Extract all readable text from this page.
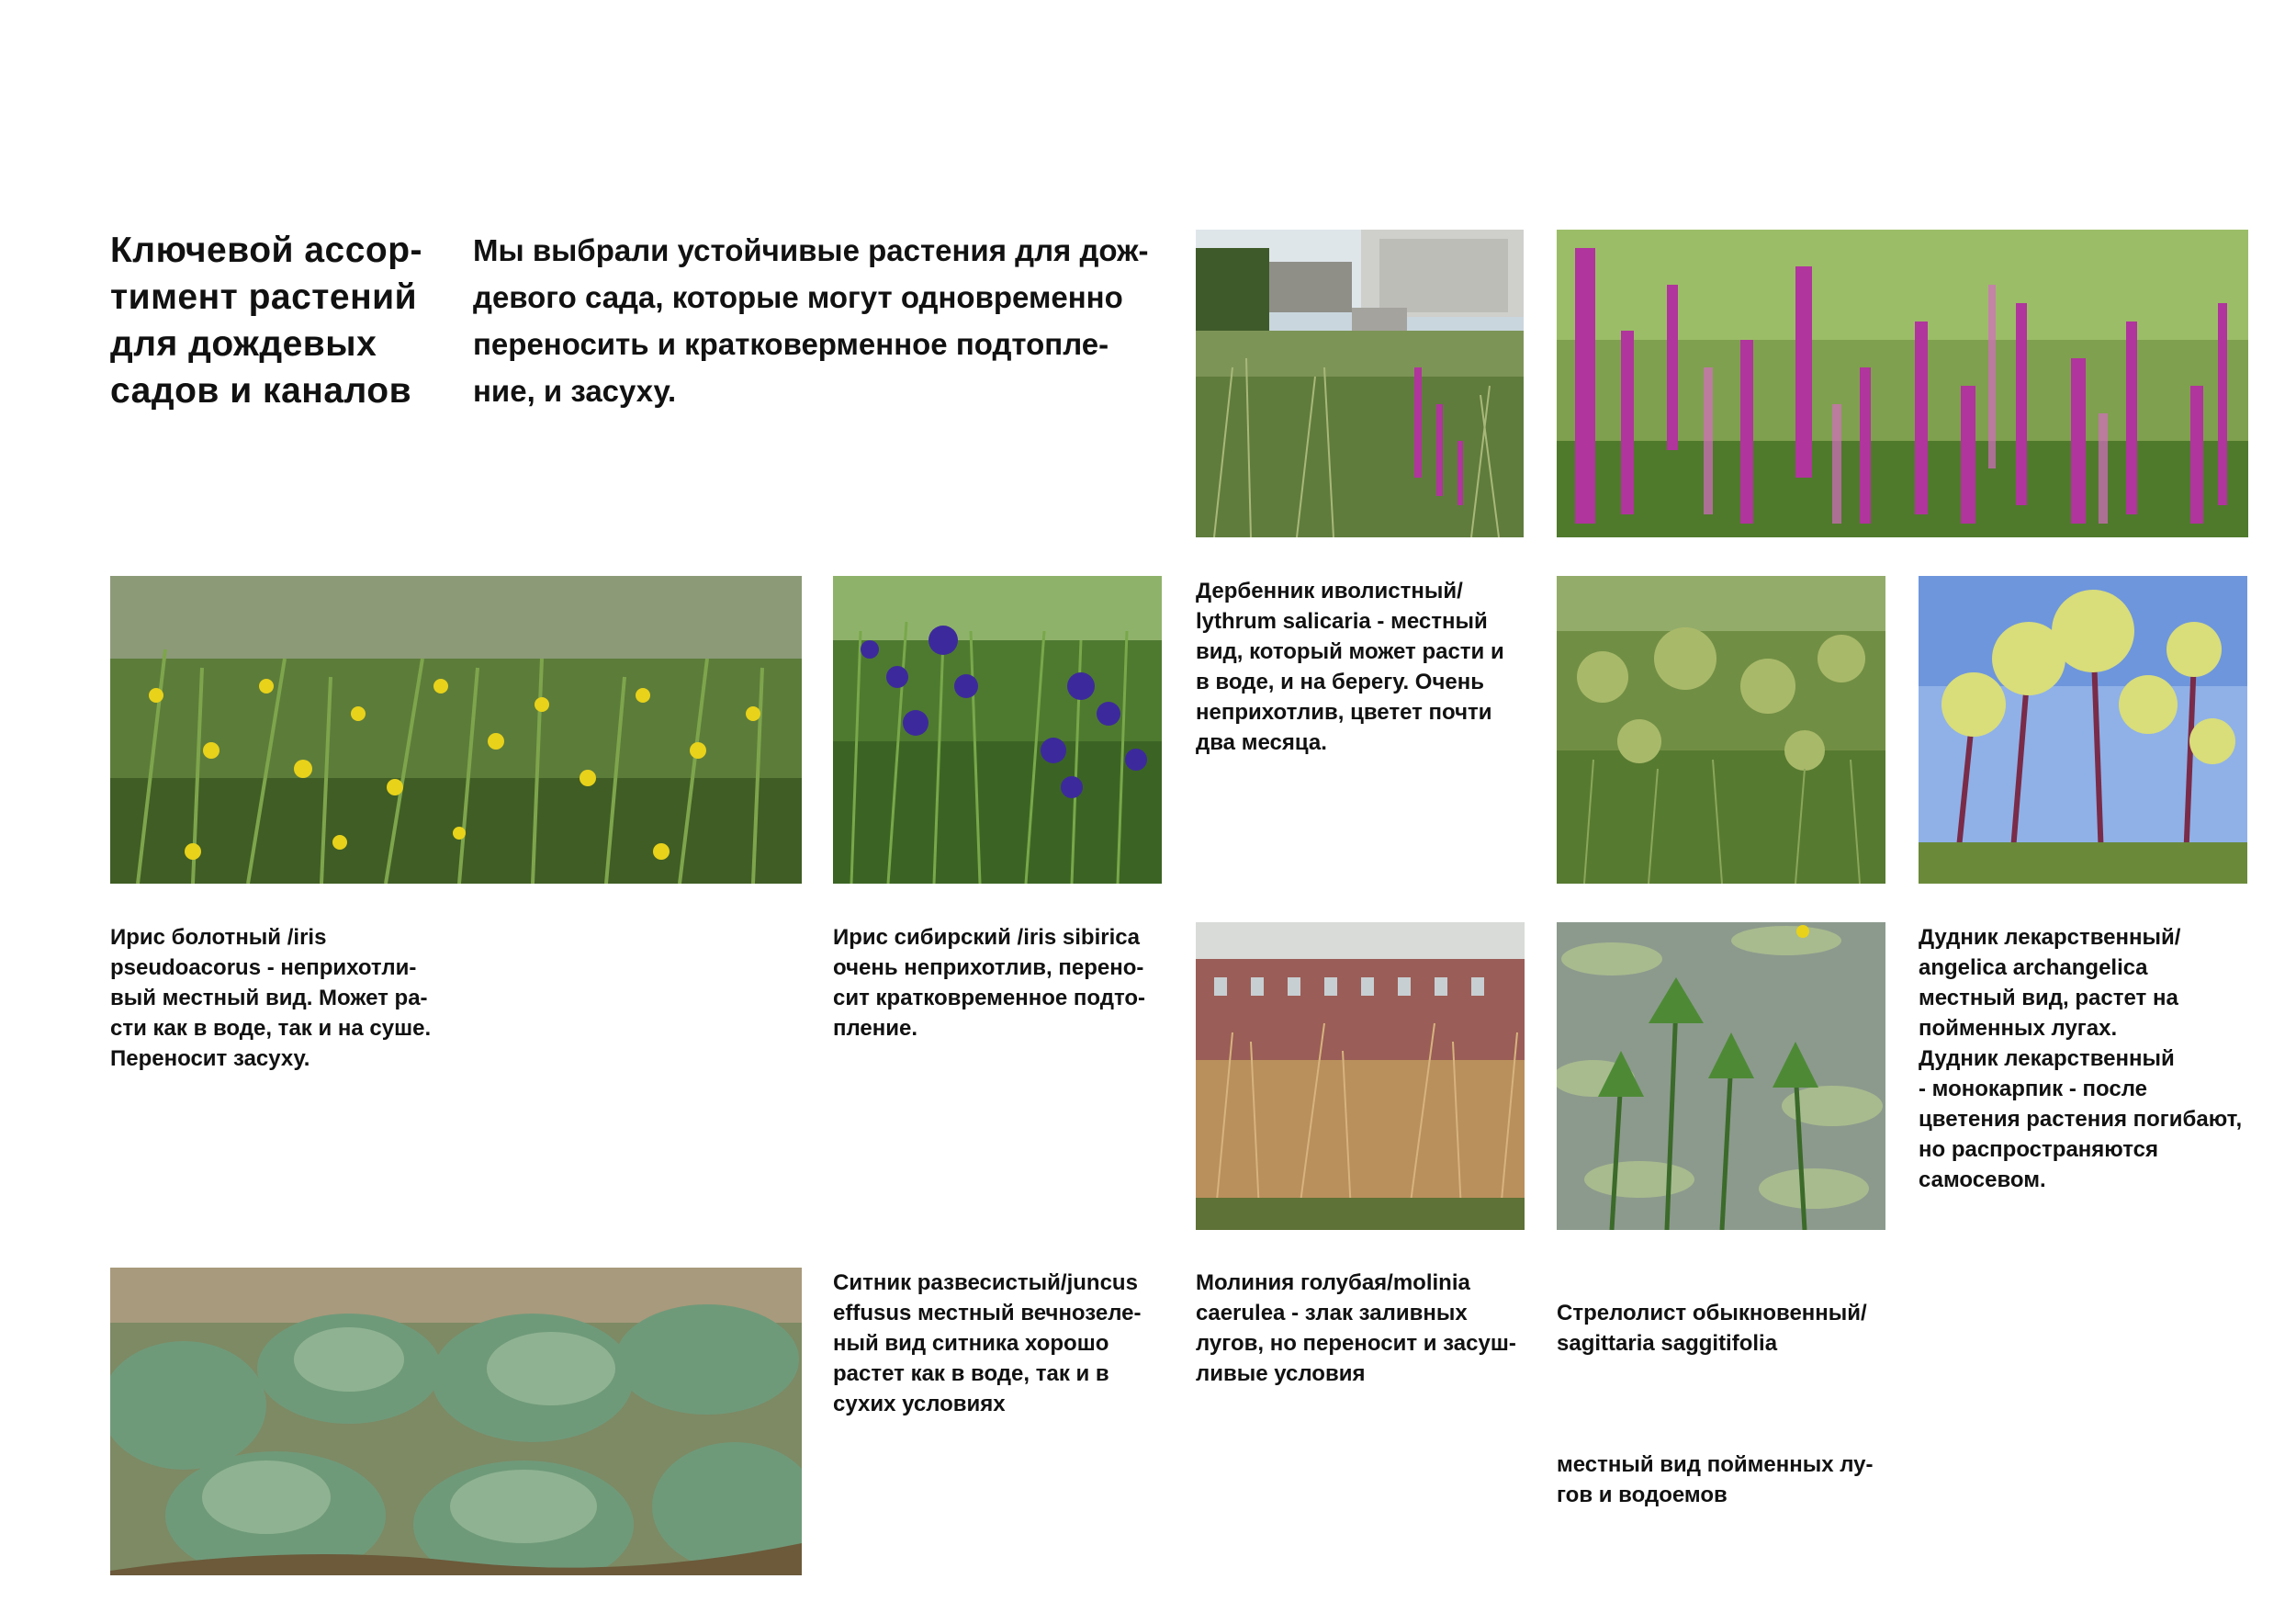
Ключевой ассор-
тимент растений
для дождевых
садов и каналов
Мы выбрали устойчивые растения для дож-
девого сада, которые могут одновременно
переносить и кратковерменное подтопле-
ние, и засуху.
Дербенник иволистный/
lythrum salicaria - местный
вид, который может расти и
в воде, и на берегу. Очень
неприхотлив, цветет почти
два месяца.
Ирис болотный /iris
pseudoacorus - неприхотли-
вый местный вид. Может ра-
сти как в воде, так и на суше.
Переносит засуху.
Ирис сибирский /iris sibirica
очень неприхотлив, перено-
сит кратковременное подто-
пление.
Дудник лекарственный/
angelica archangelica
местный вид, растет на
пойменных лугах.
Дудник лекарственный
- монокарпик - после
цветения растения погибают,
но распространяются
самосевом.
Ситник развесистый/juncus
effusus местный вечнозеле-
ный вид ситника хорошо
растет как в воде, так и в
сухих условиях
Молиния голубая/molinia
caerulea - злак заливных
лугов, но переносит и засуш-
ливые условия

Стрелолист обыкновенный/
sagittaria saggitifolia

местный вид пойменных лу-
гов и водоемов
